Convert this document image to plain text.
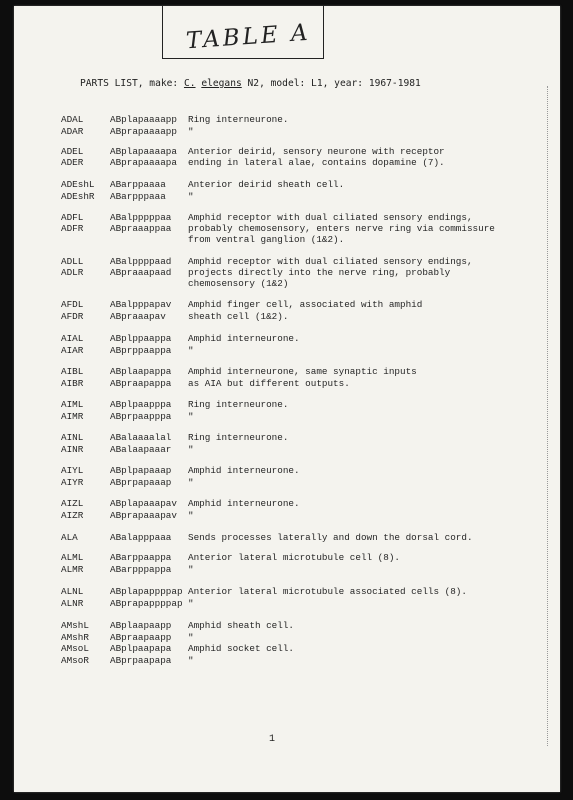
TABLE A
PARTS LIST, make: C. elegans N2, model: L1, year: 1967-1981
ADAL	ABplapaaaapp Ring interneurone.
ADAR	ABprapaaaapp "
ADEL	ABplapaaaapa Anterior deirid, sensory neurone with receptor
ADER	ABprapaaaapa ending in lateral alae, contains dopamine (7).
ADEshL ABarppaaaa Anterior deirid sheath cell.
ADEshR ABarpppaaa "
ADFL	ABalpppppaa Amphid receptor with dual ciliated sensory endings,
ADFR	ABpraaappaa probably chemosensory, enters nerve ring via commissure
from ventral ganglion (1&2).
ADLL	ABalppppaad Amphid receptor with dual ciliated sensory endings,
ADLR	ABpraaapaad projects directly into the nerve ring, probably
chemosensory (1&2)
AFDL	ABalpppapav Amphid finger cell, associated with amphid
AFDR	ABpraaapav sheath cell (1&2).
AIAL	ABplppaappa Amphid interneurone.
AIAR	ABprppaappa "
AIBL	ABplaapappa Amphid interneurone, same synaptic inputs
AIBR	ABpraapappa as AIA but different outputs.
AIML	ABplpaapppa Ring interneurone.
AIMR	ABprpaapppa "
AINL	ABalaaaalal Ring interneurone.
AINR	ABalaapaaar "
AIYL	ABplpapaaap Amphid interneurone.
AIYR	ABprpapaaap "
AIZL	ABplapaaapav Amphid interneurone.
AIZR	ABprapaaapav "
ALA	ABalapppaaa Sends processes laterally and down the dorsal cord.
ALML	ABarppaappa Anterior lateral microtubule cell (8).
ALMR	ABarpppappa "
ALNL	ABplapappppap Anterior lateral microtubule associated cells (8).
ALNR	ABprapappppap "
AMshL ABplaapaapp Amphid sheath cell.
AMshR ABpraapaapp "
AMsoL ABplpaapapa Amphid socket cell.
AMsoR ABprpaapapa "
1
